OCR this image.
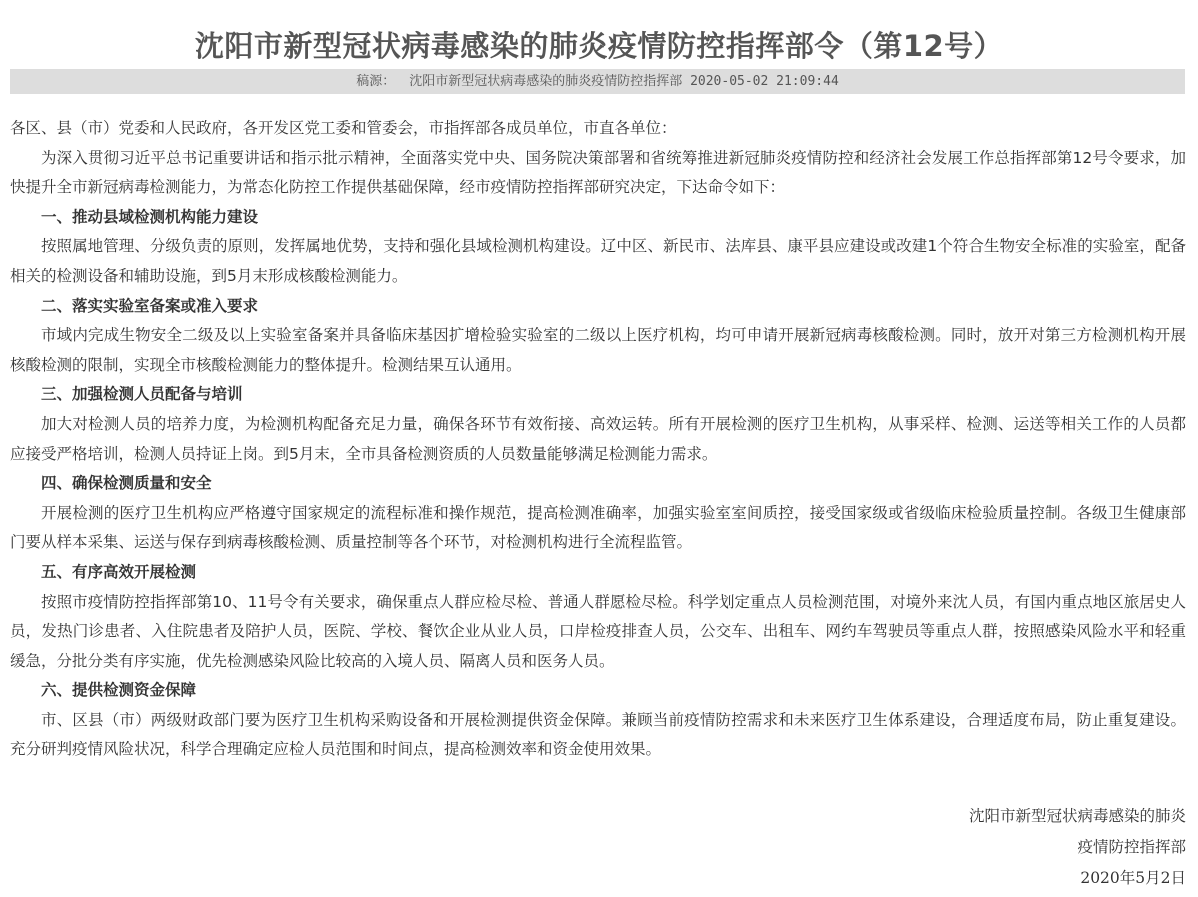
沈阳市新型冠状病毒感染的肺炎疫情防控指挥部令（第12号）
稿源： 沈阳市新型冠状病毒感染的肺炎疫情防控指挥部 2020-05-02 21:09:44

各区、县（市）党委和人民政府，各开发区党工委和管委会，市指挥部各成员单位，市直各单位：

为深入贯彻习近平总书记重要讲话和指示批示精神，全面落实党中央、国务院决策部署和省统筹推进新冠肺炎疫情防控和经济社会发展工作总指挥部第12号令要求，加快提升全市新冠病毒检测能力，为常态化防控工作提供基础保障，经市疫情防控指挥部研究决定，下达命令如下：

一、推动县域检测机构能力建设

按照属地管理、分级负责的原则，发挥属地优势，支持和强化县域检测机构建设。辽中区、新民市、法库县、康平县应建设或改建1个符合生物安全标准的实验室，配备相关的检测设备和辅助设施，到5月末形成核酸检测能力。

二、落实实验室备案或准入要求

市域内完成生物安全二级及以上实验室备案并具备临床基因扩增检验实验室的二级以上医疗机构，均可申请开展新冠病毒核酸检测。同时，放开对第三方检测机构开展核酸检测的限制，实现全市核酸检测能力的整体提升。检测结果互认通用。

三、加强检测人员配备与培训

加大对检测人员的培养力度，为检测机构配备充足力量，确保各环节有效衔接、高效运转。所有开展检测的医疗卫生机构，从事采样、检测、运送等相关工作的人员都应接受严格培训，检测人员持证上岗。到5月末，全市具备检测资质的人员数量能够满足检测能力需求。

四、确保检测质量和安全

开展检测的医疗卫生机构应严格遵守国家规定的流程标准和操作规范，提高检测准确率，加强实验室室间质控，接受国家级或省级临床检验质量控制。各级卫生健康部门要从样本采集、运送与保存到病毒核酸检测、质量控制等各个环节，对检测机构进行全流程监管。

五、有序高效开展检测

按照市疫情防控指挥部第10、11号令有关要求，确保重点人群应检尽检、普通人群愿检尽检。科学划定重点人员检测范围，对境外来沈人员，有国内重点地区旅居史人员，发热门诊患者、入住院患者及陪护人员，医院、学校、餐饮企业从业人员，口岸检疫排查人员，公交车、出租车、网约车驾驶员等重点人群，按照感染风险水平和轻重缓急，分批分类有序实施，优先检测感染风险比较高的入境人员、隔离人员和医务人员。

六、提供检测资金保障

市、区县（市）两级财政部门要为医疗卫生机构采购设备和开展检测提供资金保障。兼顾当前疫情防控需求和未来医疗卫生体系建设，合理适度布局，防止重复建设。充分研判疫情风险状况，科学合理确定应检人员范围和时间点，提高检测效率和资金使用效果。

沈阳市新型冠状病毒感染的肺炎
疫情防控指挥部
2020年5月2日
